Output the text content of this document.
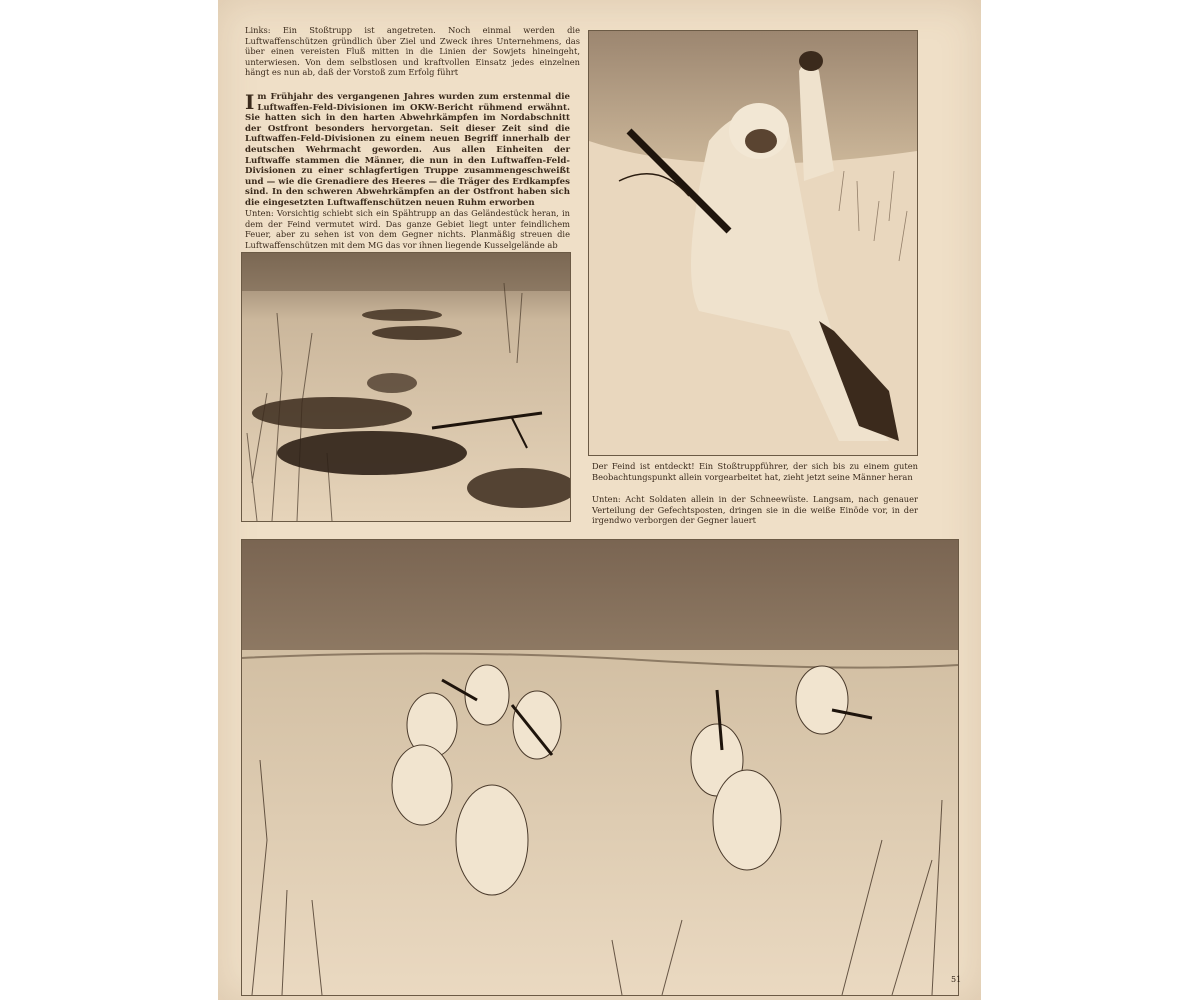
Links: Ein Stoßtrupp ist angetreten. Noch einmal werden die Luftwaffenschützen gründlich über Ziel und Zweck ihres Unternehmens, das über einen vereisten Fluß mitten in die Linien der Sowjets hineingeht, unterwiesen. Von dem selbstlosen und kraftvollen Einsatz jedes einzelnen hängt es nun ab, daß der Vorstoß zum Erfolg führt

Im Frühjahr des vergangenen Jahres wurden zum erstenmal die Luftwaffen-Feld-Divisionen im OKW-Bericht rühmend erwähnt. Sie hatten sich in den harten Abwehrkämpfen im Nordabschnitt der Ostfront besonders hervorgetan. Seit dieser Zeit sind die Luftwaffen-Feld-Divisionen zu einem neuen Begriff innerhalb der deutschen Wehrmacht geworden. Aus allen Einheiten der Luftwaffe stammen die Männer, die nun in den Luftwaffen-Feld-Divisionen zu einer schlagfertigen Truppe zusammengeschweißt und — wie die Grenadiere des Heeres — die Träger des Erdkampfes sind. In den schweren Abwehrkämpfen an der Ostfront haben sich die eingesetzten Luftwaffenschützen neuen Ruhm erworben

Unten: Vorsichtig schiebt sich ein Spähtrupp an das Geländestück heran, in dem der Feind vermutet wird. Das ganze Gebiet liegt unter feindlichem Feuer, aber zu sehen ist von dem Gegner nichts. Planmäßig streuen die Luftwaffenschützen mit dem MG das vor ihnen liegende Kusselgelände ab

Der Feind ist entdeckt! Ein Stoßtruppführer, der sich bis zu einem guten Beobachtungspunkt allein vorgearbeitet hat, zieht jetzt seine Männer heran

Unten: Acht Soldaten allein in der Schneewüste. Langsam, nach genauer Verteilung der Gefechtsposten, dringen sie in die weiße Einöde vor, in der irgendwo verborgen der Gegner lauert

51
